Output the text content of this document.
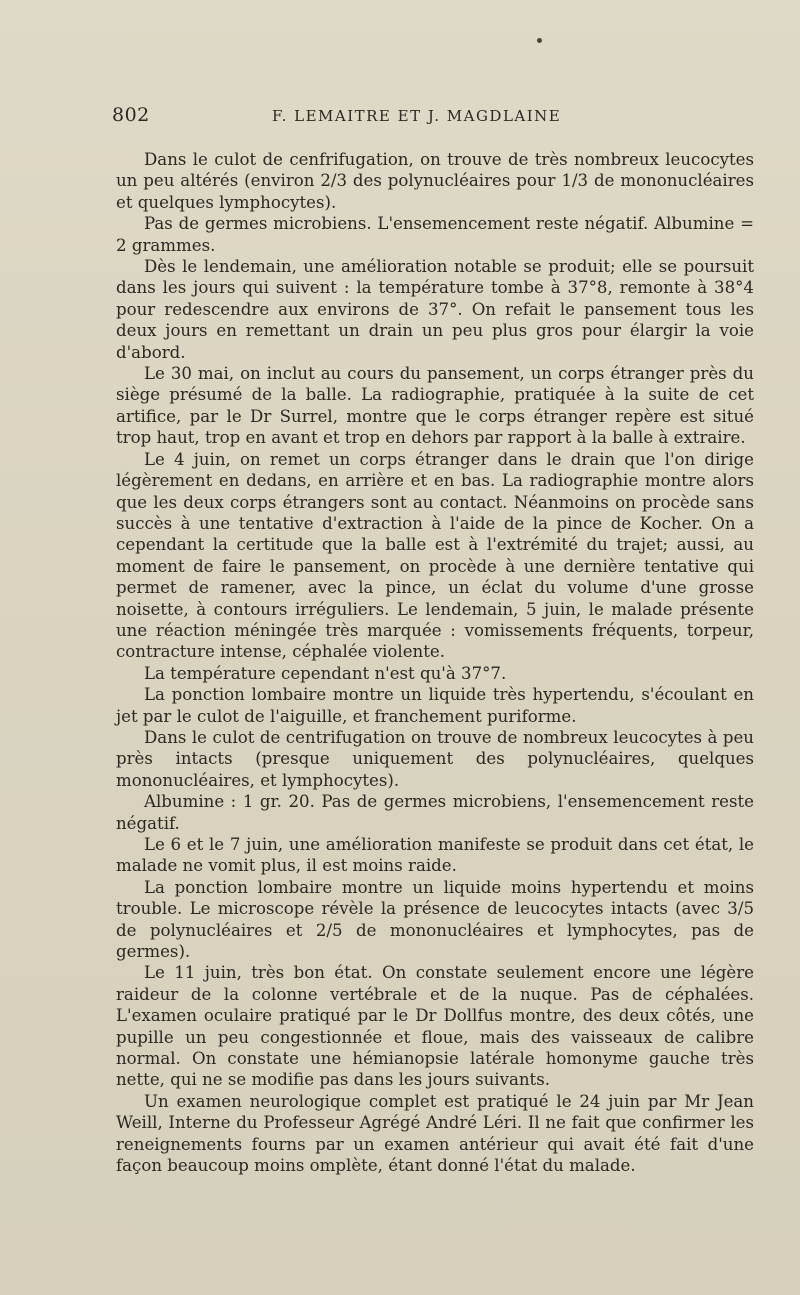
802	F. LEMAITRE ET J. MAGDLAINE

Dans le culot de cenfrifugation, on trouve de très nombreux leucocytes un peu altérés (environ 2/3 des polynucléaires pour 1/3 de mononucléaires et quelques lymphocytes).

Pas de germes microbiens. L'ensemencement reste négatif. Albumine = 2 grammes.

Dès le lendemain, une amélioration notable se produit; elle se poursuit dans les jours qui suivent : la température tombe à 37°8, remonte à 38°4 pour redescendre aux environs de 37°. On refait le pansement tous les deux jours en remettant un drain un peu plus gros pour élargir la voie d'abord.

Le 30 mai, on inclut au cours du pansement, un corps étranger près du siège présumé de la balle. La radiographie, pratiquée à la suite de cet artifice, par le Dr Surrel, montre que le corps étranger repère est situé trop haut, trop en avant et trop en dehors par rapport à la balle à extraire.

Le 4 juin, on remet un corps étranger dans le drain que l'on dirige légèrement en dedans, en arrière et en bas. La radiographie montre alors que les deux corps étrangers sont au contact. Néanmoins on procède sans succès à une tentative d'extraction à l'aide de la pince de Kocher. On a cependant la certitude que la balle est à l'extrémité du trajet; aussi, au moment de faire le pansement, on procède à une dernière tentative qui permet de ramener, avec la pince, un éclat du volume d'une grosse noisette, à contours irréguliers. Le lendemain, 5 juin, le malade présente une réaction méningée très marquée : vomissements fréquents, torpeur, contracture intense, céphalée violente.

La température cependant n'est qu'à 37°7.

La ponction lombaire montre un liquide très hypertendu, s'écoulant en jet par le culot de l'aiguille, et franchement puriforme.

Dans le culot de centrifugation on trouve de nombreux leucocytes à peu près intacts (presque uniquement des polynucléaires, quelques mononucléaires, et lymphocytes).

Albumine : 1 gr. 20. Pas de germes microbiens, l'ensemencement reste négatif.

Le 6 et le 7 juin, une amélioration manifeste se produit dans cet état, le malade ne vomit plus, il est moins raide.

La ponction lombaire montre un liquide moins hypertendu et moins trouble. Le microscope révèle la présence de leucocytes intacts (avec 3/5 de polynucléaires et 2/5 de mononucléaires et lymphocytes, pas de germes).

Le 11 juin, très bon état. On constate seulement encore une légère raideur de la colonne vertébrale et de la nuque. Pas de céphalées. L'examen oculaire pratiqué par le Dr Dollfus montre, des deux côtés, une pupille un peu congestionnée et floue, mais des vaisseaux de calibre normal. On constate une hémianopsie latérale homonyme gauche très nette, qui ne se modifie pas dans les jours suivants.

Un examen neurologique complet est pratiqué le 24 juin par Mr Jean Weill, Interne du Professeur Agrégé André Léri. Il ne fait que confirmer les reneignements fourns par un examen antérieur qui avait été fait d'une façon beaucoup moins omplète, étant donné l'état du malade.
